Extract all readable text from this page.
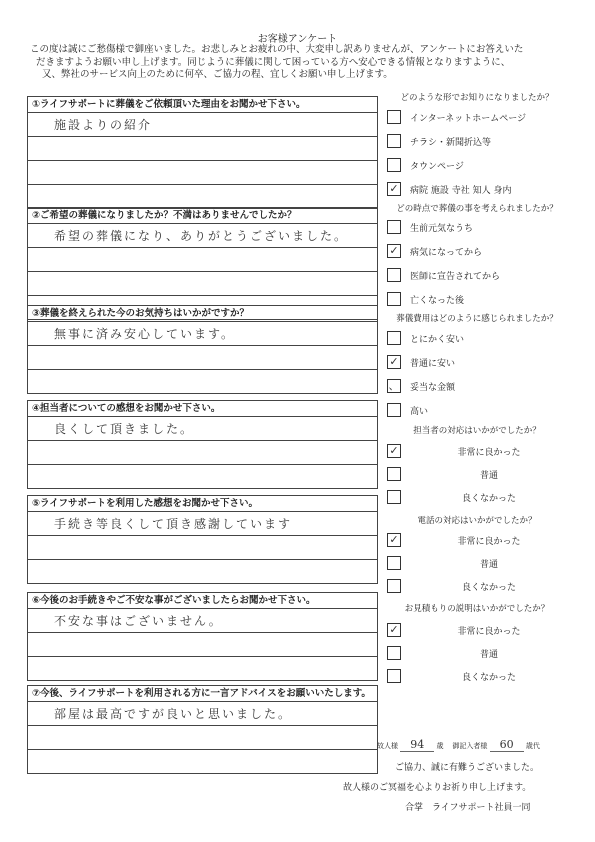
お客様アンケート
この度は誠にご愁傷様で御座いました。お悲しみとお疲れの中、大変申し訳ありませんが、アンケートにお答えいた
だきますようお願い申し上げます。同じように葬儀に関して困っている方へ安心できる情報となりますように、
又、弊社のサービス向上のために何卒、ご協力の程、宜しくお願い申し上げます。
①ライフサポートに葬儀をご依頼頂いた理由をお聞かせ下さい。
施設よりの紹介
②ご希望の葬儀になりましたか？不満はありませんでしたか？
希望の葬儀になり、ありがとうございました。
③葬儀を終えられた今のお気持ちはいかがですか？
無事に済み安心しています。
④担当者についての感想をお聞かせ下さい。
良くして頂きました。
⑤ライフサポートを利用した感想をお聞かせ下さい。
手続き等良くして頂き感謝しています
⑥今後のお手続きやご不安な事がございましたらお聞かせ下さい。
不安な事はございません。
⑦今後、ライフサポートを利用される方に一言アドバイスをお願いいたします。
部屋は最高ですが良いと思いました。
どのような形でお知りになりましたか？
インターネットホームページ
チラシ・新聞折込等
タウンページ
✓ 病院 施設 寺社 知人 身内
どの時点で葬儀の事を考えられましたか？
生前元気なうち
✓ 病気になってから
医師に宣告されてから
亡くなった後
葬儀費用はどのように感じられましたか？
とにかく安い
✓ 普通に安い
、 妥当な金額
高い
担当者の対応はいかがでしたか？
✓	非常に良かった
普通
良くなかった
電話の対応はいかがでしたか？
✓	非常に良かった
普通
良くなかった
お見積もりの説明はいかがでしたか？
✓	非常に良かった
普通
良くなかった
故人様 94 歳 御記入者様 60 歳代
ご協力、誠に有難うございました。
故人様のご冥福を心よりお祈り申し上げます。
合掌　ライフサポート社員一同
